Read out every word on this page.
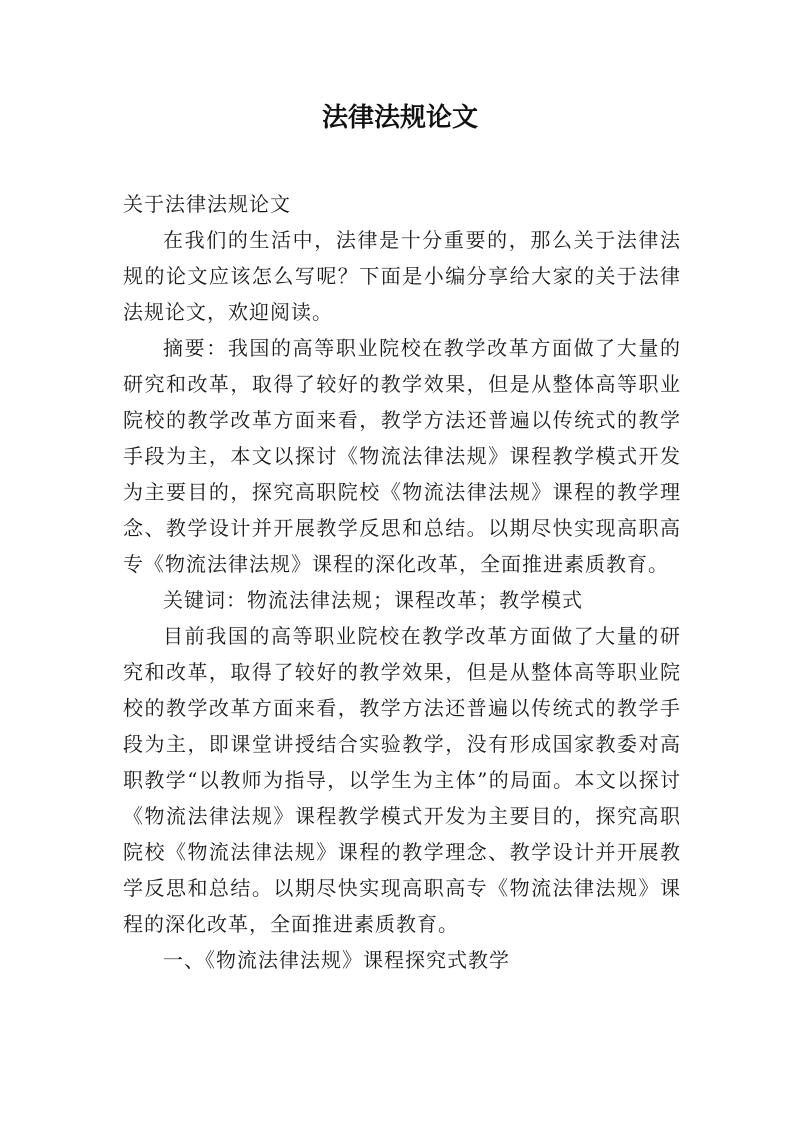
法律法规论文

关于法律法规论文

在我们的生活中，法律是十分重要的，那么关于法律法规的论文应该怎么写呢？下面是小编分享给大家的关于法律法规论文，欢迎阅读。

摘要：我国的高等职业院校在教学改革方面做了大量的研究和改革，取得了较好的教学效果，但是从整体高等职业院校的教学改革方面来看，教学方法还普遍以传统式的教学手段为主，本文以探讨《物流法律法规》课程教学模式开发为主要目的，探究高职院校《物流法律法规》课程的教学理念、教学设计并开展教学反思和总结。以期尽快实现高职高专《物流法律法规》课程的深化改革，全面推进素质教育。

关键词：物流法律法规；课程改革；教学模式

目前我国的高等职业院校在教学改革方面做了大量的研究和改革，取得了较好的教学效果，但是从整体高等职业院校的教学改革方面来看，教学方法还普遍以传统式的教学手段为主，即课堂讲授结合实验教学，没有形成国家教委对高职教学“以教师为指导，以学生为主体”的局面。本文以探讨《物流法律法规》课程教学模式开发为主要目的，探究高职院校《物流法律法规》课程的教学理念、教学设计并开展教学反思和总结。以期尽快实现高职高专《物流法律法规》课程的深化改革，全面推进素质教育。

一、《物流法律法规》课程探究式教学
